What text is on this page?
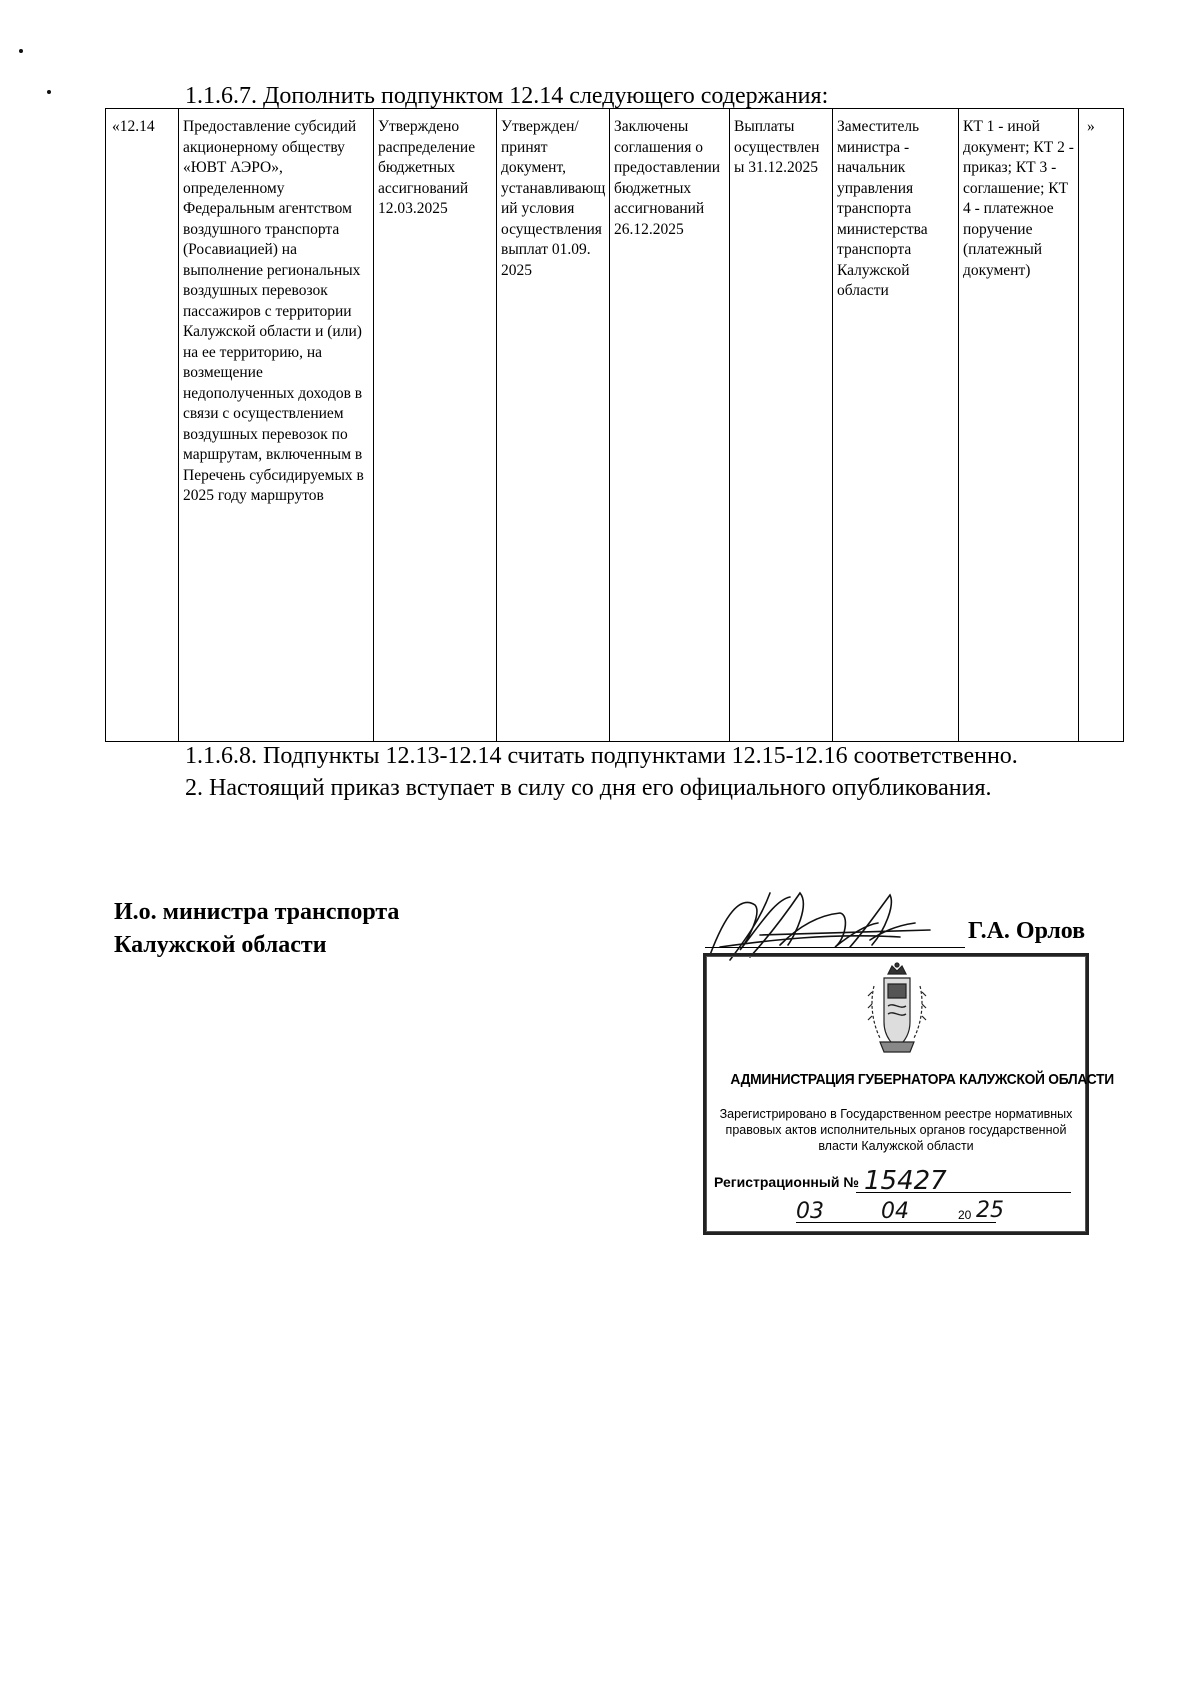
1.1.6.7. Дополнить подпунктом 12.14 следующего содержания:
«12.14	Предоставление субсидий акционерному обществу «ЮВТ АЭРО», определенному Федеральным агентством воздушного транспорта (Росавиацией) на выполнение региональных воздушных перевозок пассажиров с территории Калужской области и (или) на ее территорию, на возмещение недополученных доходов в связи с осуществлением воздушных перевозок по маршрутам, включенным в Перечень субсидируемых в 2025 году маршрутов	Утверждено распределение бюджетных ассигнований 12.03.2025	Утвержден/принят документ, устанавливающий условия осуществления выплат 01.09. 2025	Заключены соглашения о предоставлении бюджетных ассигнований 26.12.2025	Выплаты осуществлены 31.12.2025	Заместитель министра - начальник управления транспорта министерства транспорта Калужской области	КТ 1 - иной документ; КТ 2 - приказ; КТ 3 - соглашение; КТ 4 - платежное поручение (платежный документ)	»
1.1.6.8. Подпункты 12.13-12.14 считать подпунктами 12.15-12.16 соответственно.
2. Настоящий приказ вступает в силу со дня его официального опубликования.
И.о. министра транспорта
Калужской области
Г.А. Орлов
АДМИНИСТРАЦИЯ ГУБЕРНАТОРА КАЛУЖСКОЙ ОБЛАСТИ
Зарегистрировано в Государственном реестре нормативных правовых актов исполнительных органов государственной власти Калужской области
Регистрационный № 15427
03	04	20 25
